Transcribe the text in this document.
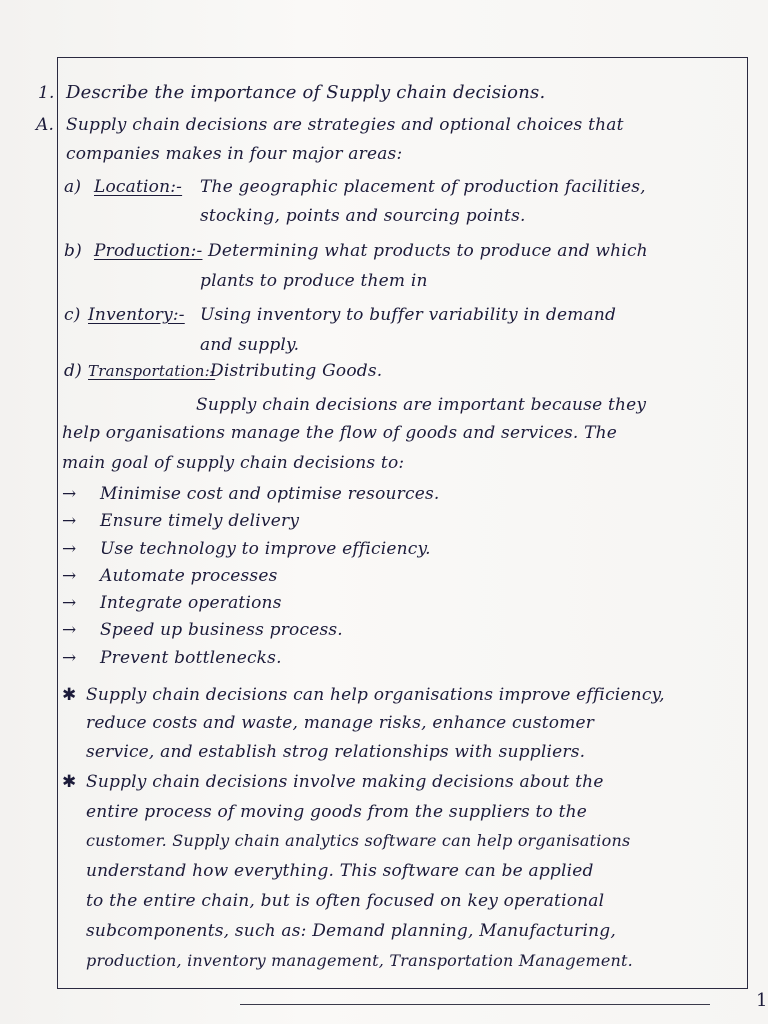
1. Describe the importance of Supply chain decisions.
A. Supply chain decisions are strategies and optional choices that
companies makes in four major areas:
a) Location:- The geographic placement of production facilities,
stocking, points and sourcing points.
b) Production:- Determining what products to produce and which
plants to produce them in
c) Inventory:- Using inventory to buffer variability in demand
and supply.
d) Transportation:-
Distributing Goods.
Supply chain decisions are important because they
help organisations manage the flow of goods and services. The
main goal of supply chain decisions to:
→ Minimise cost and optimise resources.
→ Ensure timely delivery
→ Use technology to improve efficiency.
→ Automate processes
→ Integrate operations
→ Speed up business process.
→ Prevent bottlenecks.
✱ Supply chain decisions can help organisations improve efficiency,
reduce costs and waste, manage risks, enhance customer
service, and establish strog relationships with suppliers.
✱ Supply chain decisions involve making decisions about the
entire process of moving goods from the suppliers to the
customer. Supply chain analytics software can help organisations
understand how everything. This software can be applied
to the entire chain, but is often focused on key operational
subcomponents, such as: Demand planning, Manufacturing,
production, inventory management, Transportation Management.
1
